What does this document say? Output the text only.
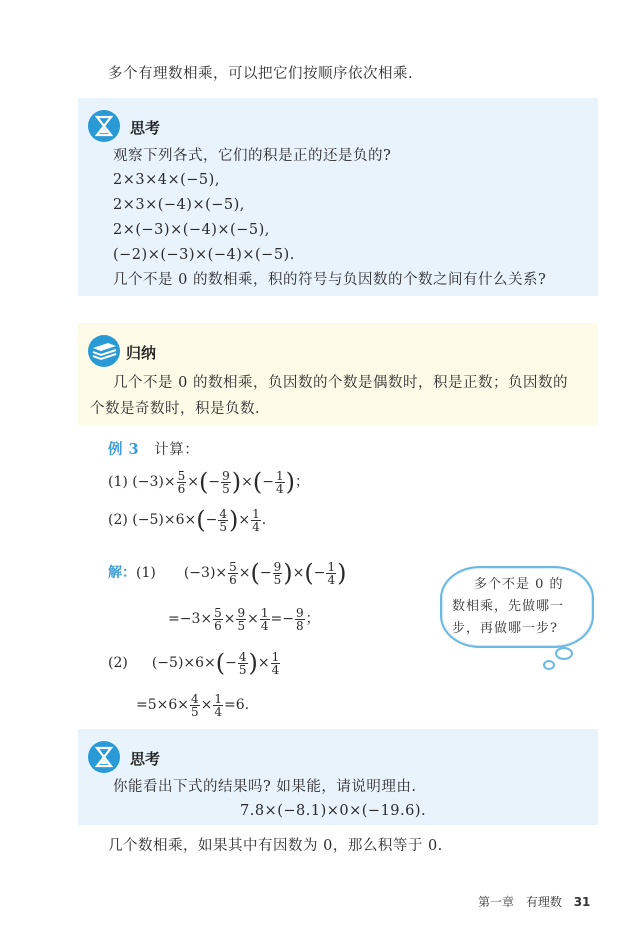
多个有理数相乘，可以把它们按顺序依次相乘.
思考
观察下列各式，它们的积是正的还是负的?
2×3×4×(−5),
2×3×(−4)×(−5),
2×(−3)×(−4)×(−5),
(−2)×(−3)×(−4)×(−5).
几个不是 0 的数相乘，积的符号与负因数的个数之间有什么关系?
归纳
几个不是 0 的数相乘，负因数的个数是偶数时，积是正数；负因数的
个数是奇数时，积是负数.
例 3 计算：
(1)
$(-3)\times \frac{5}{6}$ × ( − $\frac{9}{5}$ ) × ( − $\frac{1}{4}$ ) ；
(2)
(−5)×6× ( − $\frac{4}{5}$ ) × $\frac{1}{4}$ .
解： (1) $(-3)\times \frac{5}{6}$ × ( − $\frac{9}{5}$ ) × ( − $\frac{1}{4}$ )
$=-3\times \frac{5}{6} \times \frac{9}{5} \times \frac{1}{4} =- \frac{9}{8}$ ；
(2) (−5)×6× ( − $\frac{4}{5}$ ) × $\frac{1}{4}$
$=5\times 6\times \frac{4}{5} \times \frac{1}{4} =6$.
多个不是 0 的
数相乘，先做哪一
步，再做哪一步?
思考
你能看出下式的结果吗? 如果能，请说明理由.
7.8×(−8.1)×0×(−19.6).
几个数相乘，如果其中有因数为 0，那么积等于 0.
第一章 有理数 31
